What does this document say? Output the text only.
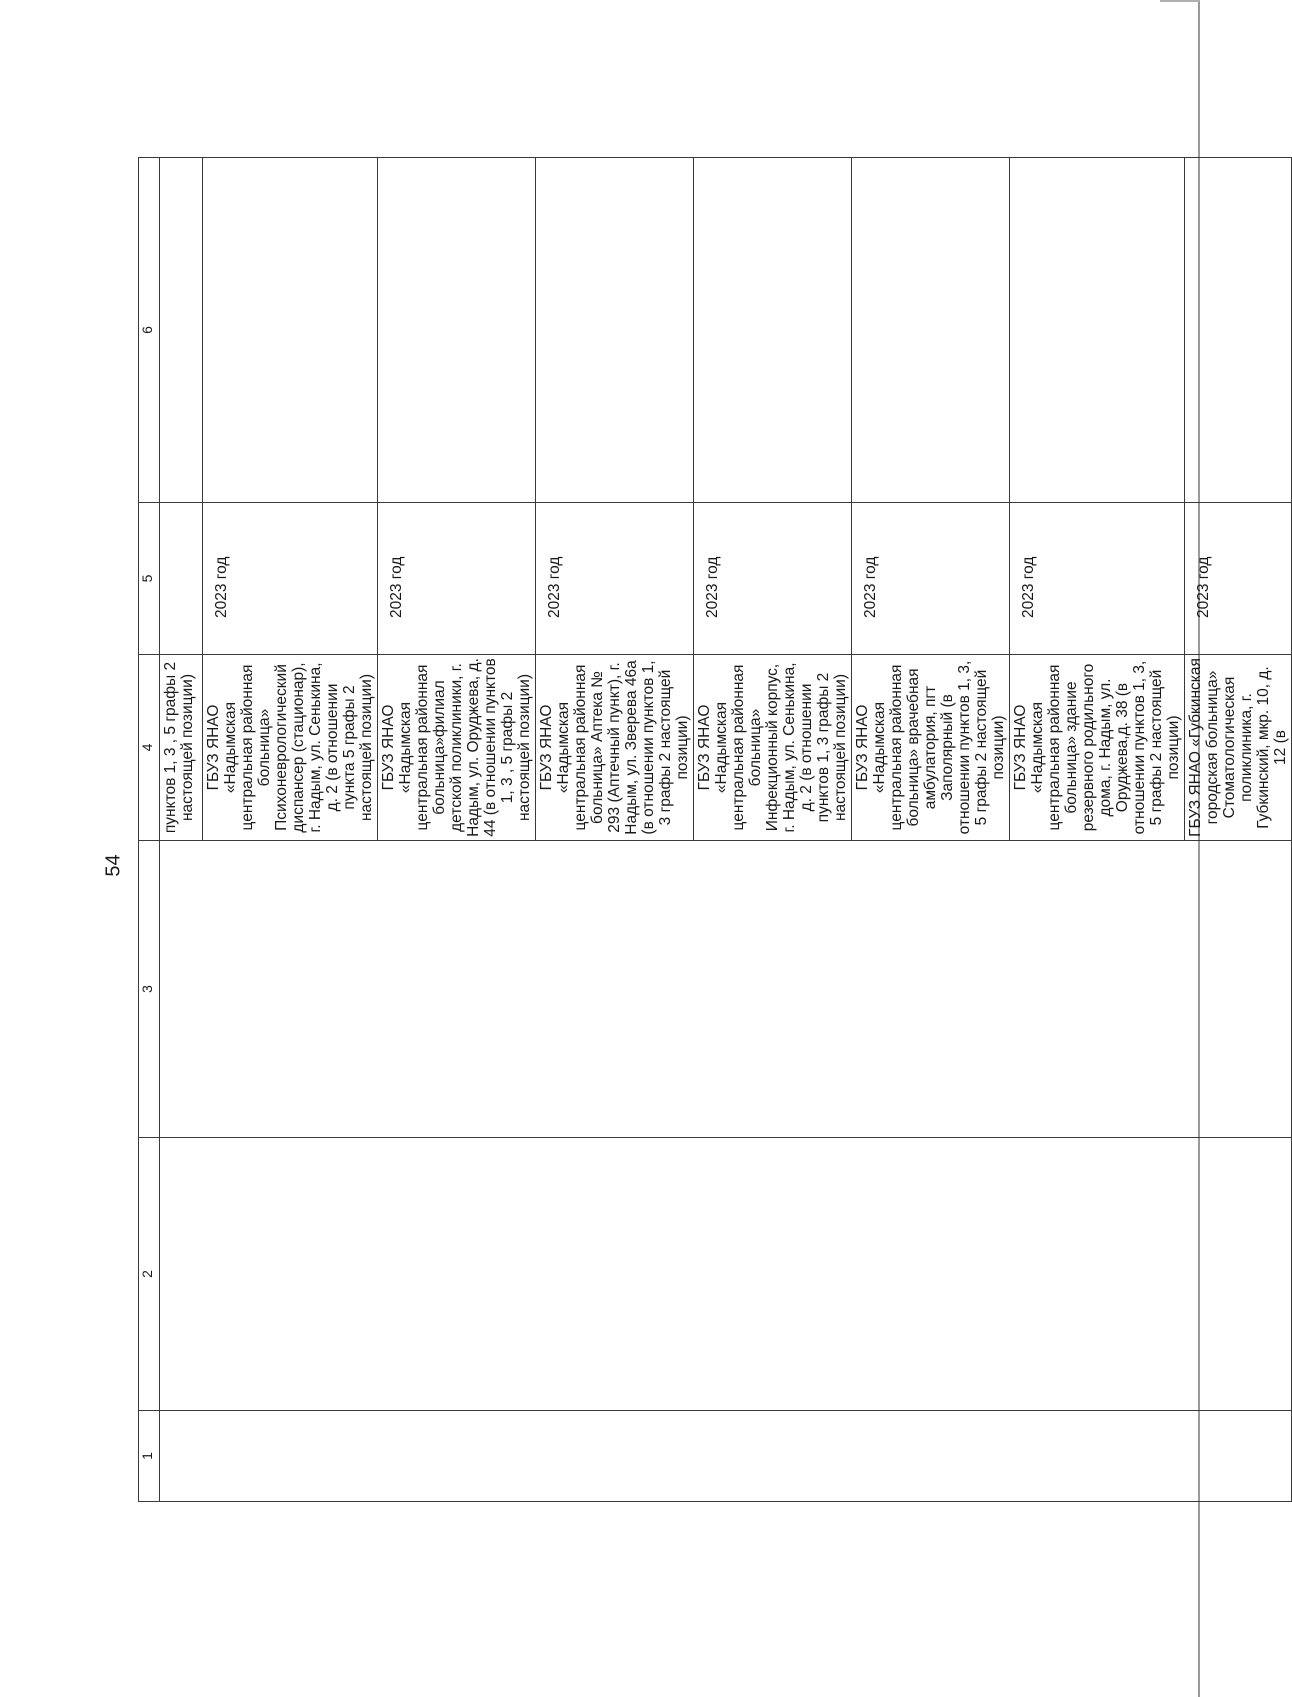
54
1	2	3	4	5	6
			пунктов 1, 3 , 5 графы 2 настоящей позиции)		
			ГБУЗ ЯНАО «Надымская центральная районная больница» Психоневрологический диспансер (стационар), г. Надым, ул. Сенькина, д. 2 (в отношении пункта 5 графы 2 настоящей позиции)	2023 год	
			ГБУЗ ЯНАО «Надымская центральная районная больница»филиал детской поликлиники, г. Надым, ул. Оруджева, д. 44 (в отношении пунктов 1, 3 , 5 графы 2 настоящей позиции)	2023 год	
			ГБУЗ ЯНАО «Надымская центральная районная больница» Аптека № 293 (Аптечный пункт), г. Надым, ул. Зверева 46а (в отношении пунктов 1, 3 графы 2 настоящей позиции)	2023 год	
			ГБУЗ ЯНАО «Надымская центральная районная больница» Инфекционный корпус, г. Надым, ул. Сенькина, д. 2 (в отношении пунктов 1, 3 графы 2 настоящей позиции)	2023 год	
			ГБУЗ ЯНАО «Надымская центральная районная больница» врачебная амбулатория, пгт Заполярный (в отношении пунктов 1, 3, 5 графы 2 настоящей позиции)	2023 год	
			ГБУЗ ЯНАО «Надымская центральная районная больница» здание резервного родильного дома, г. Надым, ул. Оруджева,д. 38 (в отношении пунктов 1, 3, 5 графы 2 настоящей позиции)	2023 год	
			ГБУЗ ЯНАО «Губкинская городская больница» Стоматологическая поликлиника, г. Губкинский, мкр. 10, д. 12 (в	2023 год	
